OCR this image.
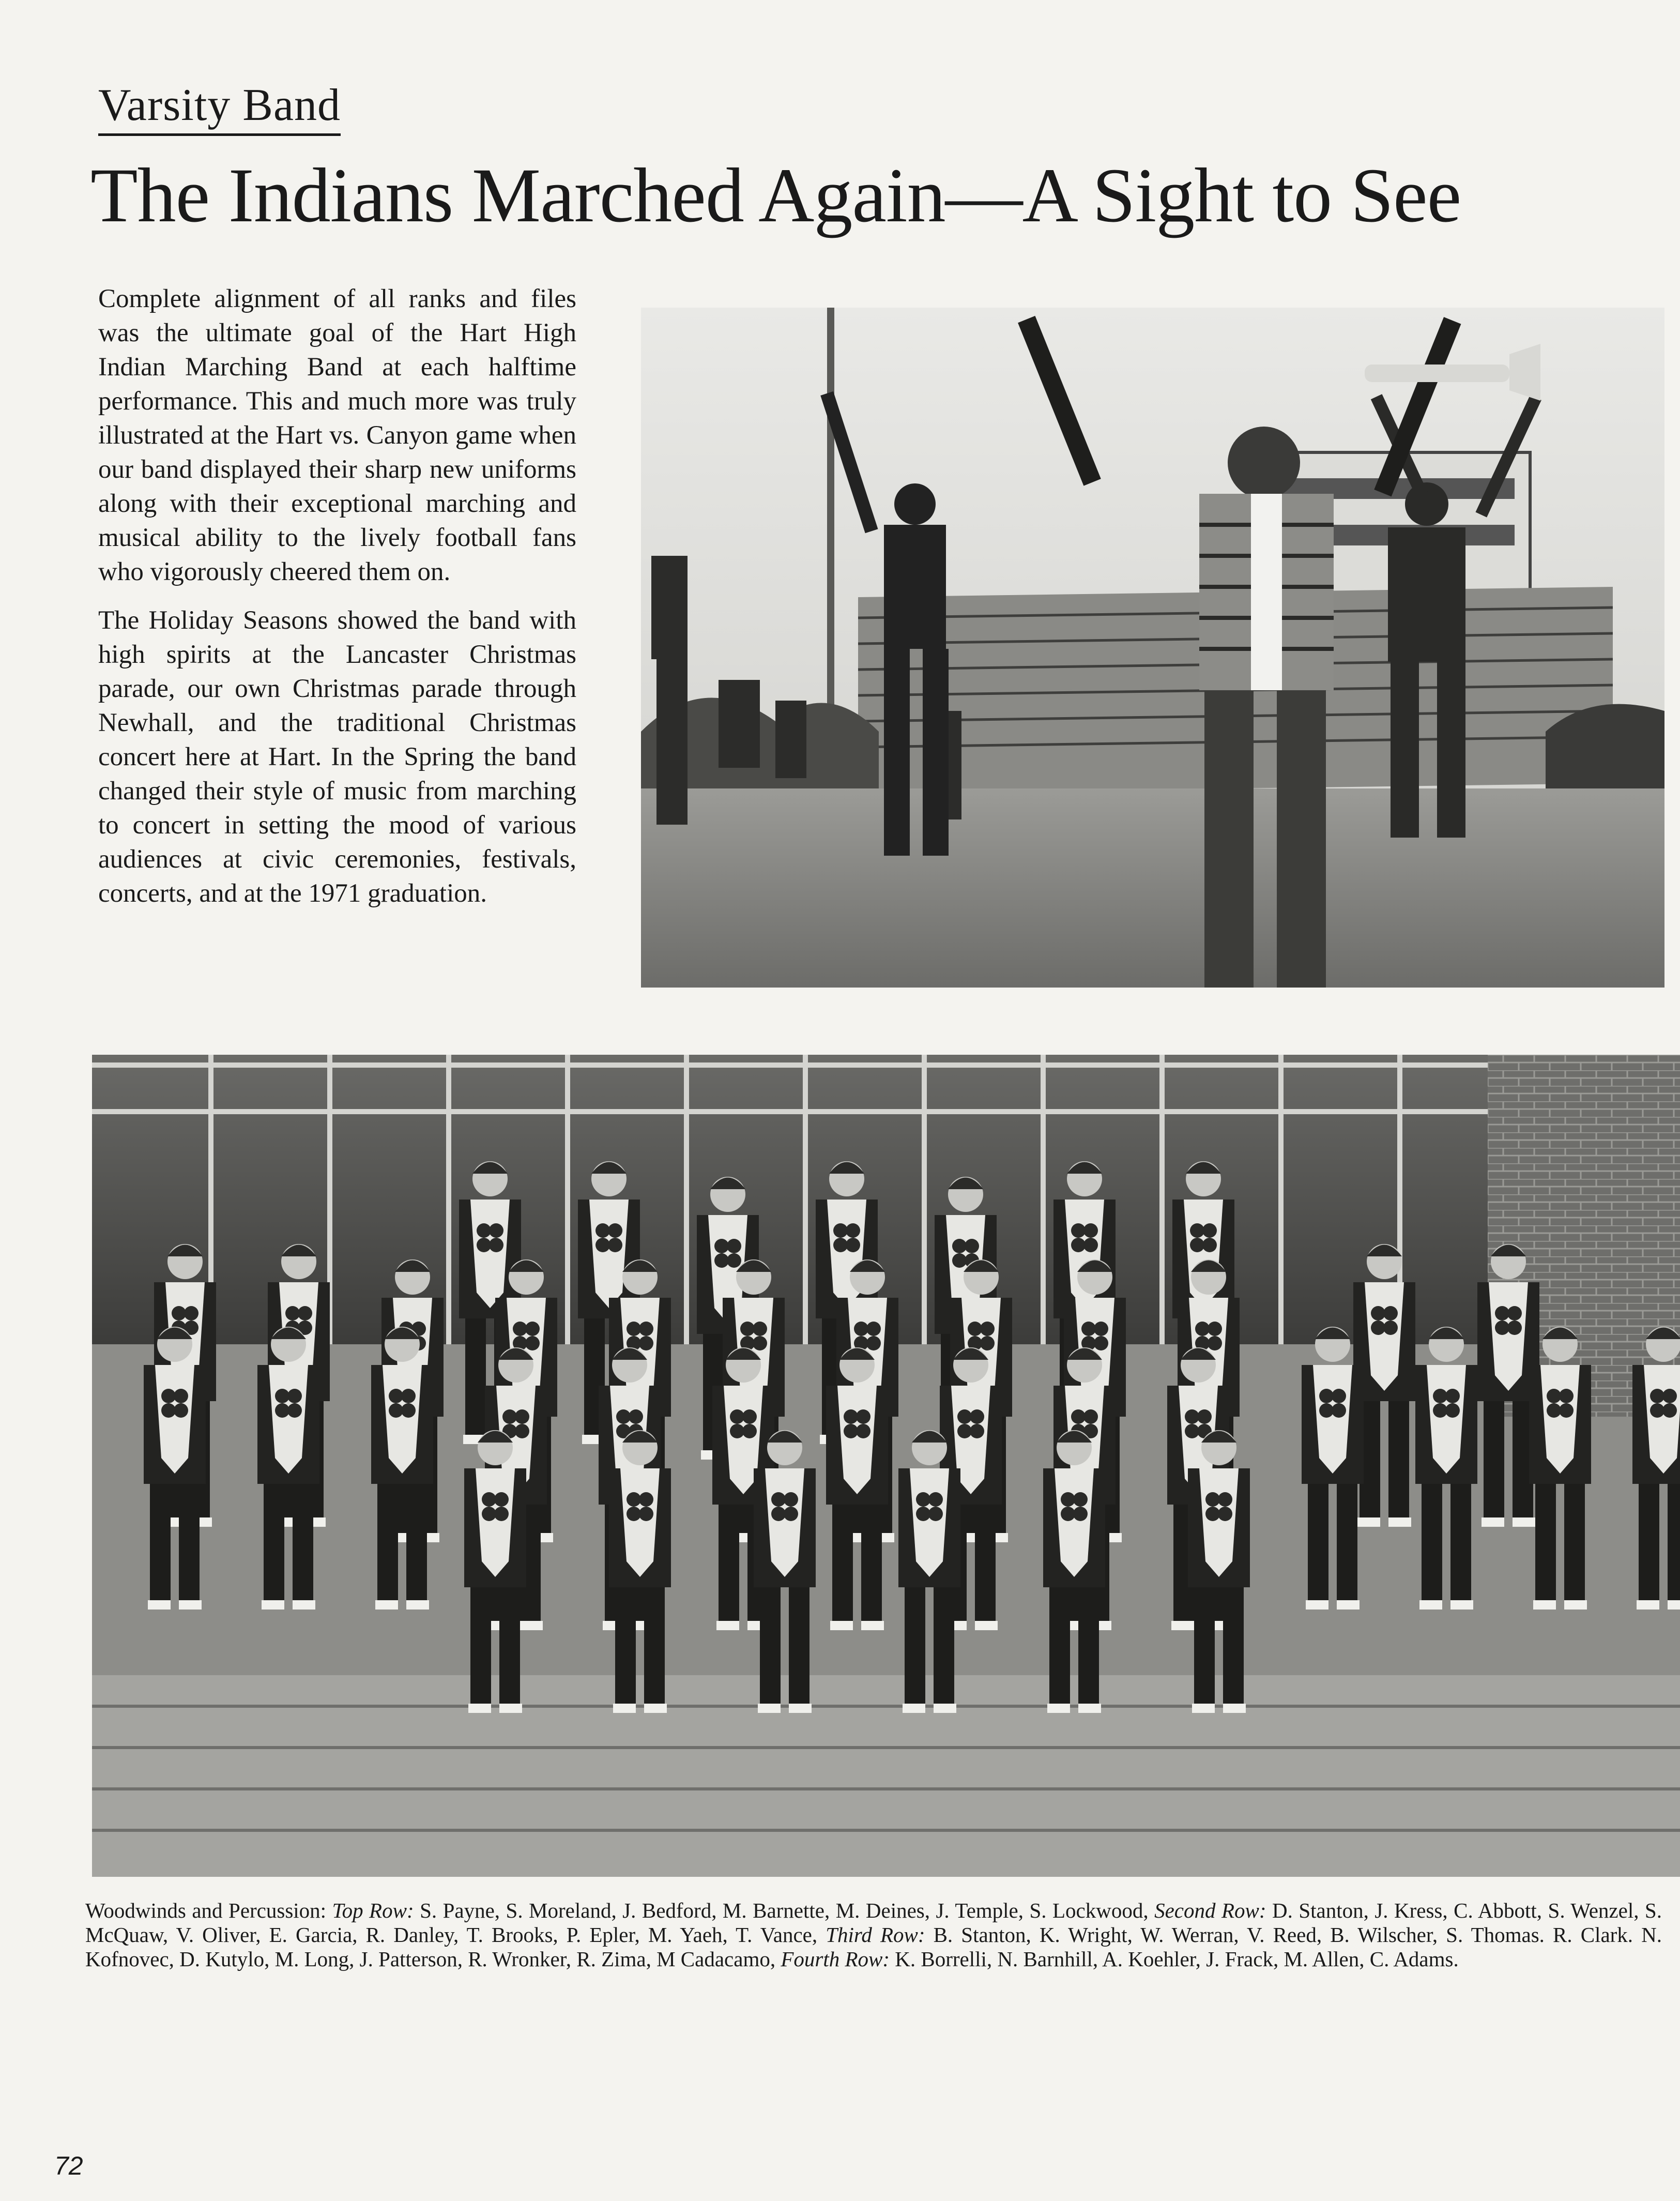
Varsity Band
The Indians Marched Again—A Sight to See

Complete alignment of all ranks and files was the ultimate goal of the Hart High Indian Marching Band at each halftime performance. This and much more was truly illustrated at the Hart vs. Canyon game when our band displayed their sharp new uniforms along with their exceptional marching and musical ability to the lively football fans who vigorously cheered them on.

The Holiday Seasons showed the band with high spirits at the Lancaster Christmas parade, our own Christmas parade through Newhall, and the traditional Christmas concert here at Hart. In the Spring the band changed their style of music from marching to concert in setting the mood of various audiences at civic ceremonies, festivals, concerts, and at the 1971 graduation.

Woodwinds and Percussion: Top Row: S. Payne, S. Moreland, J. Bedford, M. Barnette, M. Deines, J. Temple, S. Lockwood, Second Row: D. Stanton, J. Kress, C. Abbott, S. Wenzel, S. McQuaw, V. Oliver, E. Garcia, R. Danley, T. Brooks, P. Epler, M. Yaeh, T. Vance, Third Row: B. Stanton, K. Wright, W. Werran, V. Reed, B. Wilscher, S. Thomas. R. Clark. N. Kofnovec, D. Kutylo, M. Long, J. Patterson, R. Wronker, R. Zima, M Cadacamo, Fourth Row: K. Borrelli, N. Barnhill, A. Koehler, J. Frack, M. Allen, C. Adams.
72
